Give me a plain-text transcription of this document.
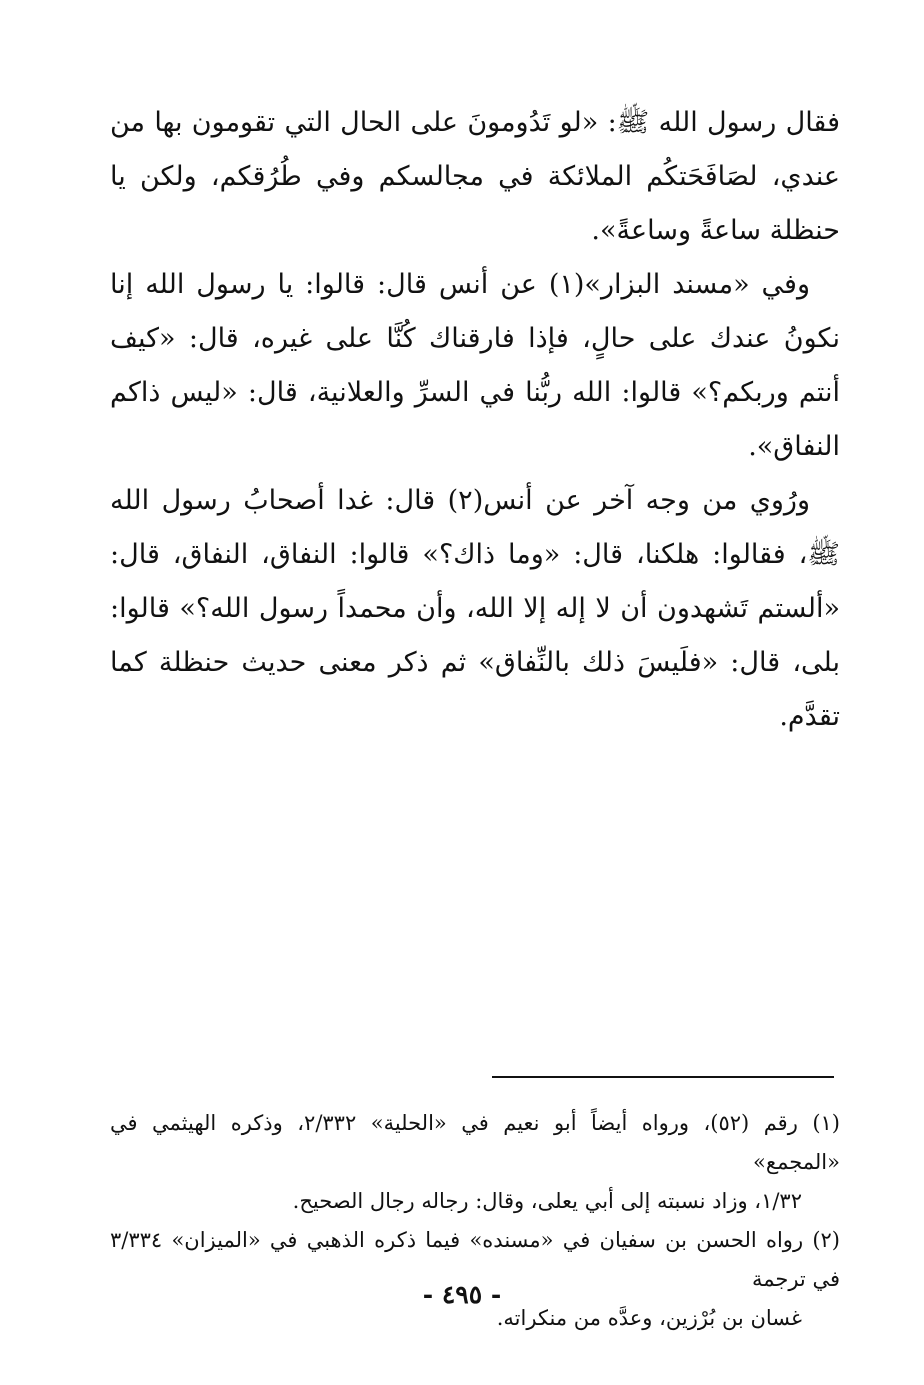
فقال رسول الله ﷺ: «لو تَدُومونَ على الحال التي تقومون بها من عندي، لصَافَحَتكُم الملائكة في مجالسكم وفي طُرُقكم، ولكن يا حنظلة ساعةً وساعةً».

وفي «مسند البزار»(١) عن أنس قال: قالوا: يا رسول الله إنا نكونُ عندك على حالٍ، فإذا فارقناك كُنَّا على غيره، قال: «كيف أنتم وربكم؟» قالوا: الله ربُّنا في السرِّ والعلانية، قال: «ليس ذاكم النفاق».

ورُوي من وجه آخر عن أنس(٢) قال: غدا أصحابُ رسول الله ﷺ، فقالوا: هلكنا، قال: «وما ذاك؟» قالوا: النفاق، النفاق، قال: «ألستم تَشهدون أن لا إله إلا الله، وأن محمداً رسول الله؟» قالوا: بلى، قال: «فلَيسَ ذلك بالنِّفاق» ثم ذكر معنى حديث حنظلة كما تقدَّم.

(١) رقم (٥٢)، ورواه أيضاً أبو نعيم في «الحلية» ٢/٣٣٢، وذكره الهيثمي في «المجمع»

١/٣٢، وزاد نسبته إلى أبي يعلى، وقال: رجاله رجال الصحيح.

(٢) رواه الحسن بن سفيان في «مسنده» فيما ذكره الذهبي في «الميزان» ٣/٣٣٤ في ترجمة

غسان بن بُرْزين، وعدَّه من منكراته.

- ٤٩٥ -
